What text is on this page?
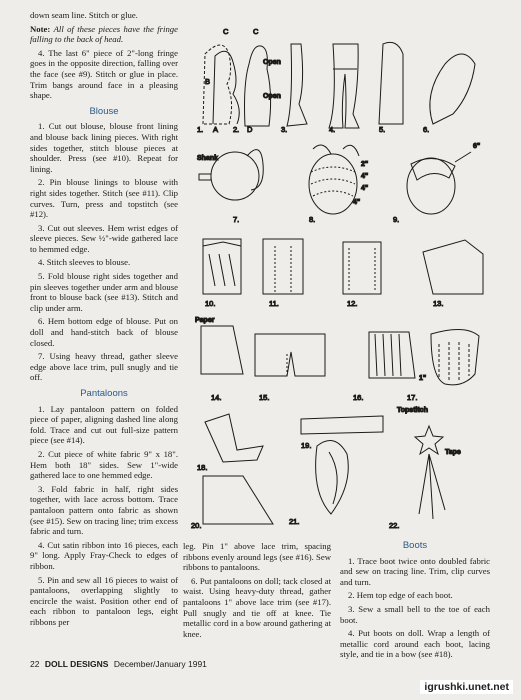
down seam line. Stitch or glue.

Note: All of these pieces have the fringe falling to the back of head.

4. The last 6" piece of 2"-long fringe goes in the opposite direction, falling over the face (see #9). Stitch or glue in place. Trim bangs around face in a pleasing shape.

Blouse

1. Cut out blouse, blouse front lining and blouse back lining pieces. With right sides together, stitch blouse pieces at shoulder. Press (see #10). Repeat for lining.

2. Pin blouse linings to blouse with right sides together. Stitch (see #11). Clip curves. Turn, press and topstitch (see #12).

3. Cut out sleeves. Hem wrist edges of sleeve pieces. Sew ½"-wide gathered lace to hemmed edge.

4. Stitch sleeves to blouse.

5. Fold blouse right sides together and pin sleeves together under arm and blouse front to blouse back (see #13). Stitch and clip under arm.

6. Hem bottom edge of blouse. Put on doll and hand-stitch back of blouse closed.

7. Using heavy thread, gather sleeve edge above lace trim, pull snugly and tie off.

Pantaloons

1. Lay pantaloon pattern on folded piece of paper, aligning dashed line along fold. Trace and cut out full-size pattern piece (see #14).

2. Cut piece of white fabric 9" x 18". Hem both 18" sides. Sew 1"-wide gathered lace to one hemmed edge.

3. Fold fabric in half, right sides together, with lace across bottom. Trace pantaloon pattern onto fabric as shown (see #15). Sew on tracing line; trim excess fabric and turn.

4. Cut satin ribbon into 16 pieces, each 9" long. Apply Fray-Check to edges of ribbon.

5. Pin and sew all 16 pieces to waist of pantaloons, overlapping slightly to encircle the waist. Position other end of each ribbon to pantaloon legs, eight ribbons per

C	C
B
Open
Open
1. A 2. D	3.	4.	5.	6.
Shank
2"
4"
4"
4"
6"
7.	8.	9.
10.	11.	12.	13.
Paper
1"
14.	15.	16.	17.
Topstitch
Tape
18.
19.
20.	21.	22.

leg. Pin 1" above lace trim, spacing ribbons evenly around legs (see #16). Sew ribbons to pantaloons.

6. Put pantaloons on doll; tack closed at waist. Using heavy-duty thread, gather pantaloons 1" above lace trim (see #17). Pull snugly and tie off at knee. Tie metallic cord in a bow around gathering at knee.

Boots

1. Trace boot twice onto doubled fabric and sew on tracing line. Trim, clip curves and turn.

2. Hem top edge of each boot.

3. Sew a small bell to the toe of each boot.

4. Put boots on doll. Wrap a length of metallic cord around each boot, lacing style, and tie in a bow (see #18).

22 DOLL DESIGNS December/January 1991
igrushki.unet.net
